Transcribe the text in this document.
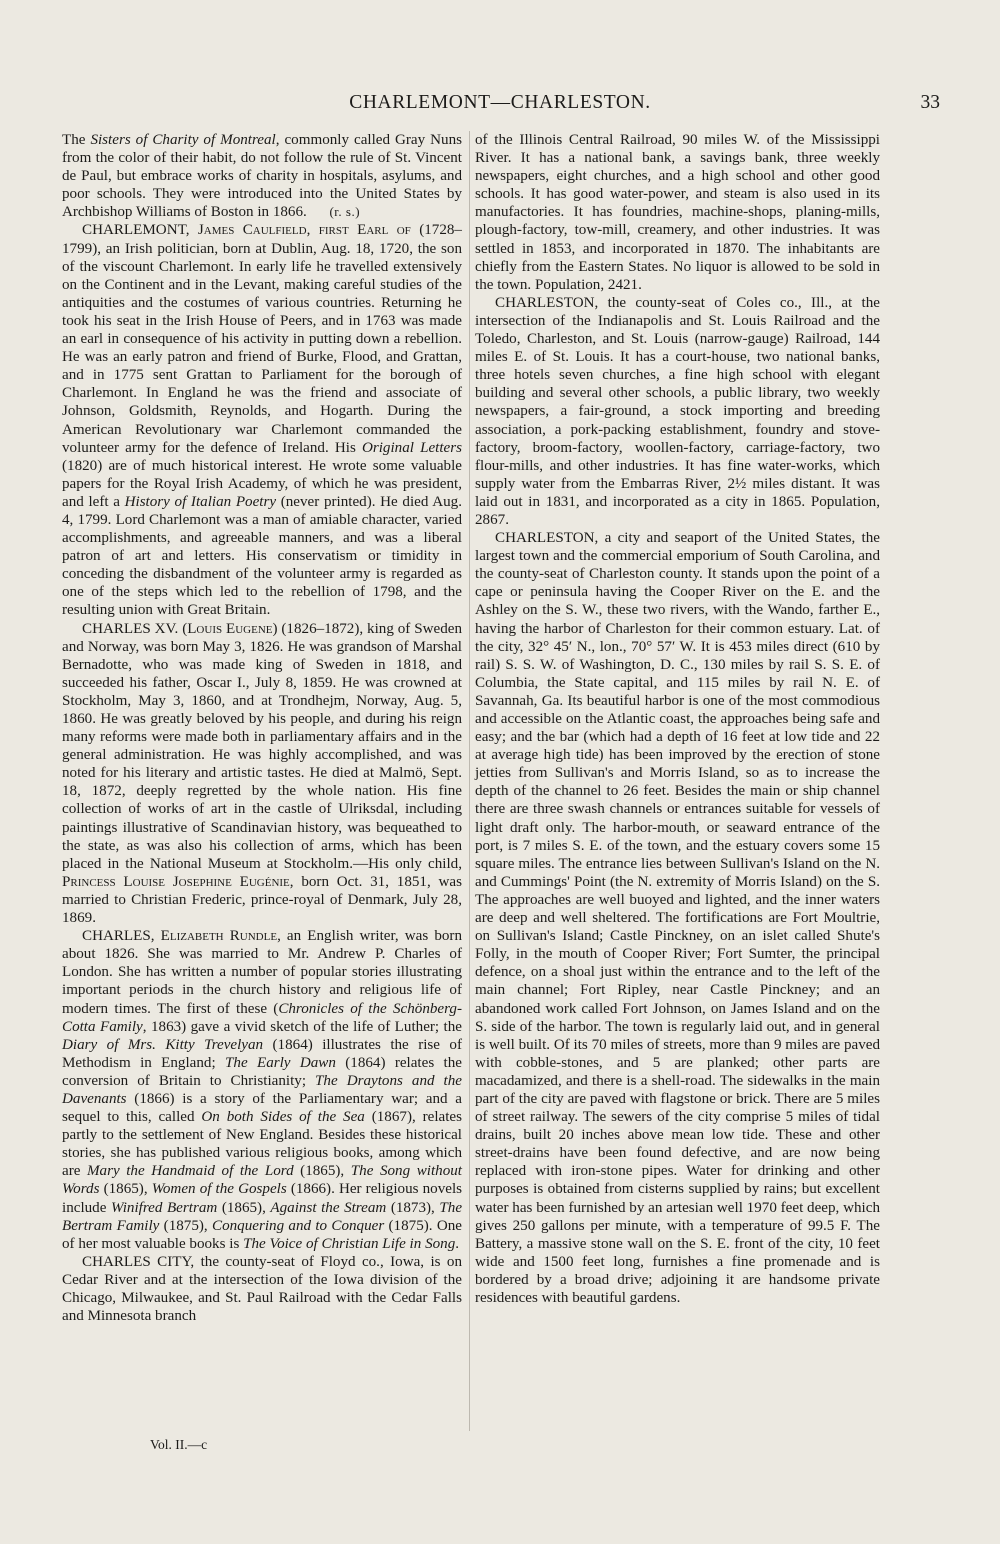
CHARLEMONT—CHARLESTON.	33

The Sisters of Charity of Montreal, commonly called Gray Nuns from the color of their habit, do not follow the rule of St. Vincent de Paul, but embrace works of charity in hospitals, asylums, and poor schools. They were introduced into the United States by Archbishop Williams of Boston in 1866. (r. s.)

CHARLEMONT, James Caulfield, first Earl of (1728–1799), an Irish politician, born at Dublin, Aug. 18, 1720, the son of the viscount Charlemont. In early life he travelled extensively on the Continent and in the Levant, making careful studies of the antiquities and the costumes of various countries. Returning he took his seat in the Irish House of Peers, and in 1763 was made an earl in consequence of his activity in putting down a rebellion. He was an early patron and friend of Burke, Flood, and Grattan, and in 1775 sent Grattan to Parliament for the borough of Charlemont. In England he was the friend and associate of Johnson, Goldsmith, Reynolds, and Hogarth. During the American Revolutionary war Charlemont commanded the volunteer army for the defence of Ireland. His Original Letters (1820) are of much historical interest. He wrote some valuable papers for the Royal Irish Academy, of which he was president, and left a History of Italian Poetry (never printed). He died Aug. 4, 1799. Lord Charlemont was a man of amiable character, varied accomplishments, and agreeable manners, and was a liberal patron of art and letters. His conservatism or timidity in conceding the disbandment of the volunteer army is regarded as one of the steps which led to the rebellion of 1798, and the resulting union with Great Britain.

CHARLES XV. (Louis Eugene) (1826–1872), king of Sweden and Norway, was born May 3, 1826. He was grandson of Marshal Bernadotte, who was made king of Sweden in 1818, and succeeded his father, Oscar I., July 8, 1859. He was crowned at Stockholm, May 3, 1860, and at Trondhejm, Norway, Aug. 5, 1860. He was greatly beloved by his people, and during his reign many reforms were made both in parliamentary affairs and in the general administration. He was highly accomplished, and was noted for his literary and artistic tastes. He died at Malmö, Sept. 18, 1872, deeply regretted by the whole nation. His fine collection of works of art in the castle of Ulriksdal, including paintings illustrative of Scandinavian history, was bequeathed to the state, as was also his collection of arms, which has been placed in the National Museum at Stockholm.—His only child, Princess Louise Josephine Eugénie, born Oct. 31, 1851, was married to Christian Frederic, prince-royal of Denmark, July 28, 1869.

CHARLES, Elizabeth Rundle, an English writer, was born about 1826. She was married to Mr. Andrew P. Charles of London. She has written a number of popular stories illustrating important periods in the church history and religious life of modern times. The first of these (Chronicles of the Schönberg-Cotta Family, 1863) gave a vivid sketch of the life of Luther; the Diary of Mrs. Kitty Trevelyan (1864) illustrates the rise of Methodism in England; The Early Dawn (1864) relates the conversion of Britain to Christianity; The Draytons and the Davenants (1866) is a story of the Parliamentary war; and a sequel to this, called On both Sides of the Sea (1867), relates partly to the settlement of New England. Besides these historical stories, she has published various religious books, among which are Mary the Handmaid of the Lord (1865), The Song without Words (1865), Women of the Gospels (1866). Her religious novels include Winifred Bertram (1865), Against the Stream (1873), The Bertram Family (1875), Conquering and to Conquer (1875). One of her most valuable books is The Voice of Christian Life in Song.

CHARLES CITY, the county-seat of Floyd co., Iowa, is on Cedar River and at the intersection of the Iowa division of the Chicago, Milwaukee, and St. Paul Railroad with the Cedar Falls and Minnesota branch

of the Illinois Central Railroad, 90 miles W. of the Mississippi River. It has a national bank, a savings bank, three weekly newspapers, eight churches, and a high school and other good schools. It has good water-power, and steam is also used in its manufactories. It has foundries, machine-shops, planing-mills, plough-factory, tow-mill, creamery, and other industries. It was settled in 1853, and incorporated in 1870. The inhabitants are chiefly from the Eastern States. No liquor is allowed to be sold in the town. Population, 2421.

CHARLESTON, the county-seat of Coles co., Ill., at the intersection of the Indianapolis and St. Louis Railroad and the Toledo, Charleston, and St. Louis (narrow-gauge) Railroad, 144 miles E. of St. Louis. It has a court-house, two national banks, three hotels seven churches, a fine high school with elegant building and several other schools, a public library, two weekly newspapers, a fair-ground, a stock importing and breeding association, a pork-packing establishment, foundry and stove-factory, broom-factory, woollen-factory, carriage-factory, two flour-mills, and other industries. It has fine water-works, which supply water from the Embarras River, 2½ miles distant. It was laid out in 1831, and incorporated as a city in 1865. Population, 2867.

CHARLESTON, a city and seaport of the United States, the largest town and the commercial emporium of South Carolina, and the county-seat of Charleston county. It stands upon the point of a cape or peninsula having the Cooper River on the E. and the Ashley on the S. W., these two rivers, with the Wando, farther E., having the harbor of Charleston for their common estuary. Lat. of the city, 32° 45′ N., lon., 70° 57′ W. It is 453 miles direct (610 by rail) S. S. W. of Washington, D. C., 130 miles by rail S. S. E. of Columbia, the State capital, and 115 miles by rail N. E. of Savannah, Ga. Its beautiful harbor is one of the most commodious and accessible on the Atlantic coast, the approaches being safe and easy; and the bar (which had a depth of 16 feet at low tide and 22 at average high tide) has been improved by the erection of stone jetties from Sullivan's and Morris Island, so as to increase the depth of the channel to 26 feet. Besides the main or ship channel there are three swash channels or entrances suitable for vessels of light draft only. The harbor-mouth, or seaward entrance of the port, is 7 miles S. E. of the town, and the estuary covers some 15 square miles. The entrance lies between Sullivan's Island on the N. and Cummings' Point (the N. extremity of Morris Island) on the S. The approaches are well buoyed and lighted, and the inner waters are deep and well sheltered. The fortifications are Fort Moultrie, on Sullivan's Island; Castle Pinckney, on an islet called Shute's Folly, in the mouth of Cooper River; Fort Sumter, the principal defence, on a shoal just within the entrance and to the left of the main channel; Fort Ripley, near Castle Pinckney; and an abandoned work called Fort Johnson, on James Island and on the S. side of the harbor. The town is regularly laid out, and in general is well built. Of its 70 miles of streets, more than 9 miles are paved with cobble-stones, and 5 are planked; other parts are macadamized, and there is a shell-road. The sidewalks in the main part of the city are paved with flagstone or brick. There are 5 miles of street railway. The sewers of the city comprise 5 miles of tidal drains, built 20 inches above mean low tide. These and other street-drains have been found defective, and are now being replaced with iron-stone pipes. Water for drinking and other purposes is obtained from cisterns supplied by rains; but excellent water has been furnished by an artesian well 1970 feet deep, which gives 250 gallons per minute, with a temperature of 99.5 F. The Battery, a massive stone wall on the S. E. front of the city, 10 feet wide and 1500 feet long, furnishes a fine promenade and is bordered by a broad drive; adjoining it are handsome private residences with beautiful gardens.

Vol. II.—c
